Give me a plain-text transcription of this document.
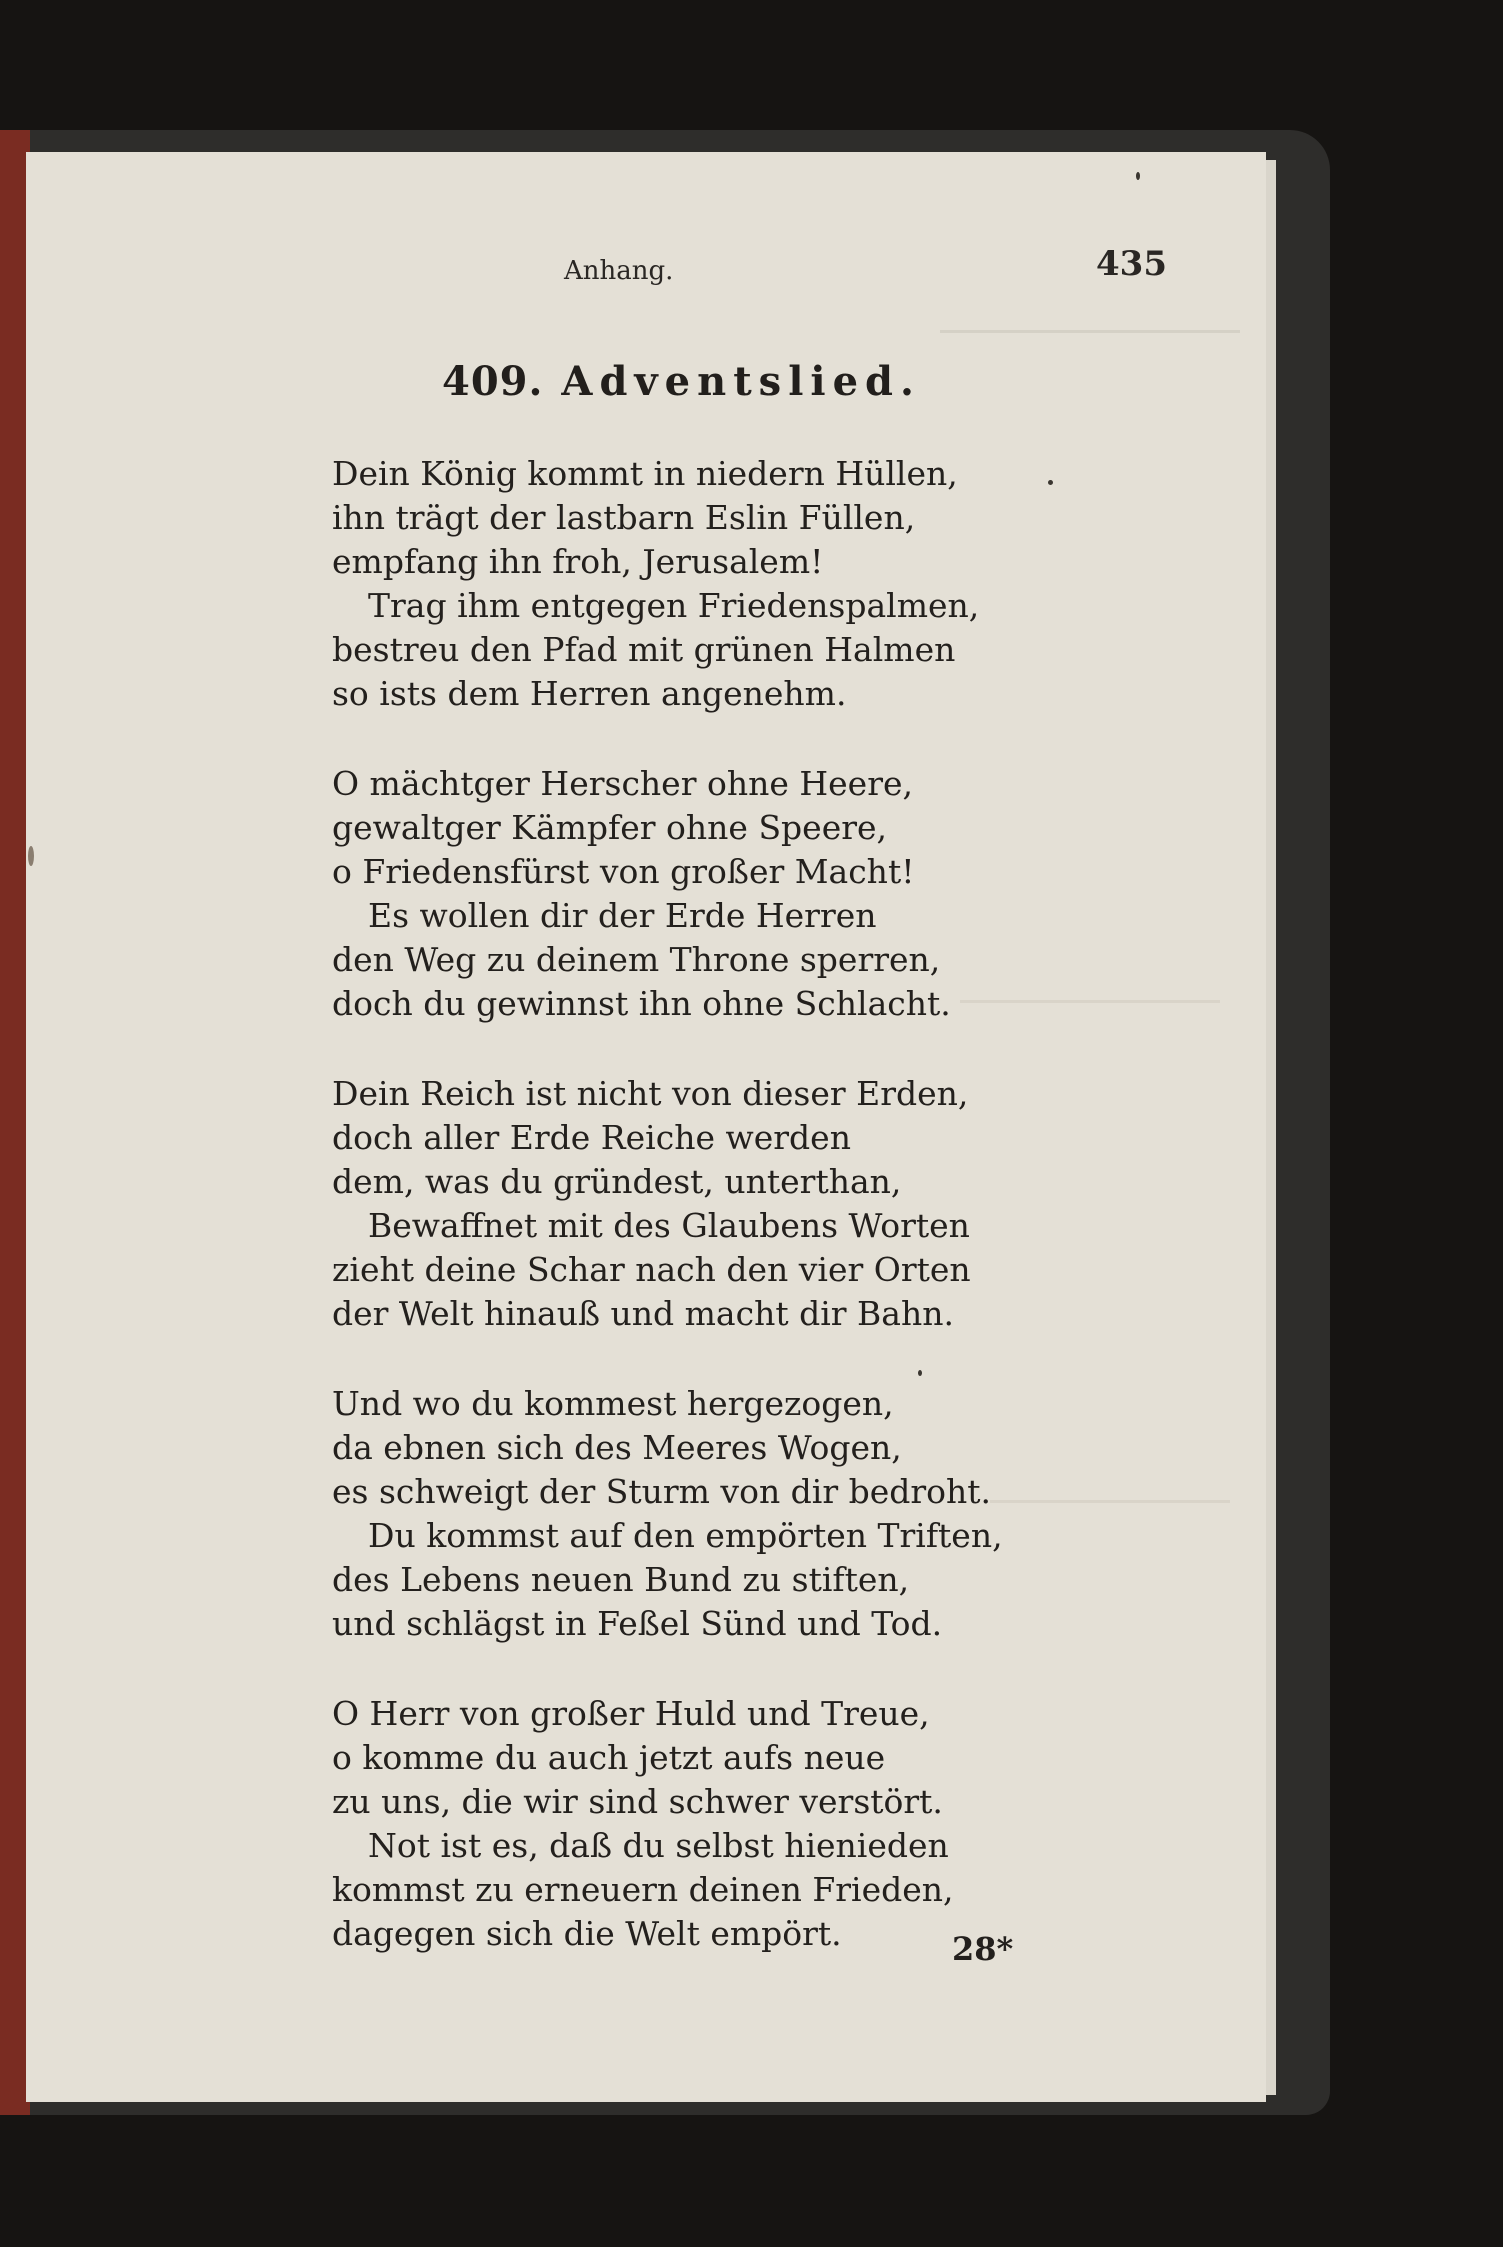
Anhang.	435
409. Adventslied.
Dein König kommt in niedern Hüllen,
ihn trägt der lastbarn Eslin Füllen,
empfang ihn froh, Jerusalem!
Trag ihm entgegen Friedenspalmen,
bestreu den Pfad mit grünen Halmen
so ists dem Herren angenehm.
O mächtger Herscher ohne Heere,
gewaltger Kämpfer ohne Speere,
o Friedensfürst von großer Macht!
Es wollen dir der Erde Herren
den Weg zu deinem Throne sperren,
doch du gewinnst ihn ohne Schlacht.
Dein Reich ist nicht von dieser Erden,
doch aller Erde Reiche werden
dem, was du gründest, unterthan,
Bewaffnet mit des Glaubens Worten
zieht deine Schar nach den vier Orten
der Welt hinauß und macht dir Bahn.
Und wo du kommest hergezogen,
da ebnen sich des Meeres Wogen,
es schweigt der Sturm von dir bedroht.
Du kommst auf den empörten Triften,
des Lebens neuen Bund zu stiften,
und schlägst in Feßel Sünd und Tod.
O Herr von großer Huld und Treue,
o komme du auch jetzt aufs neue
zu uns, die wir sind schwer verstört.
Not ist es, daß du selbst hienieden
kommst zu erneuern deinen Frieden,
dagegen sich die Welt empört.	28*
